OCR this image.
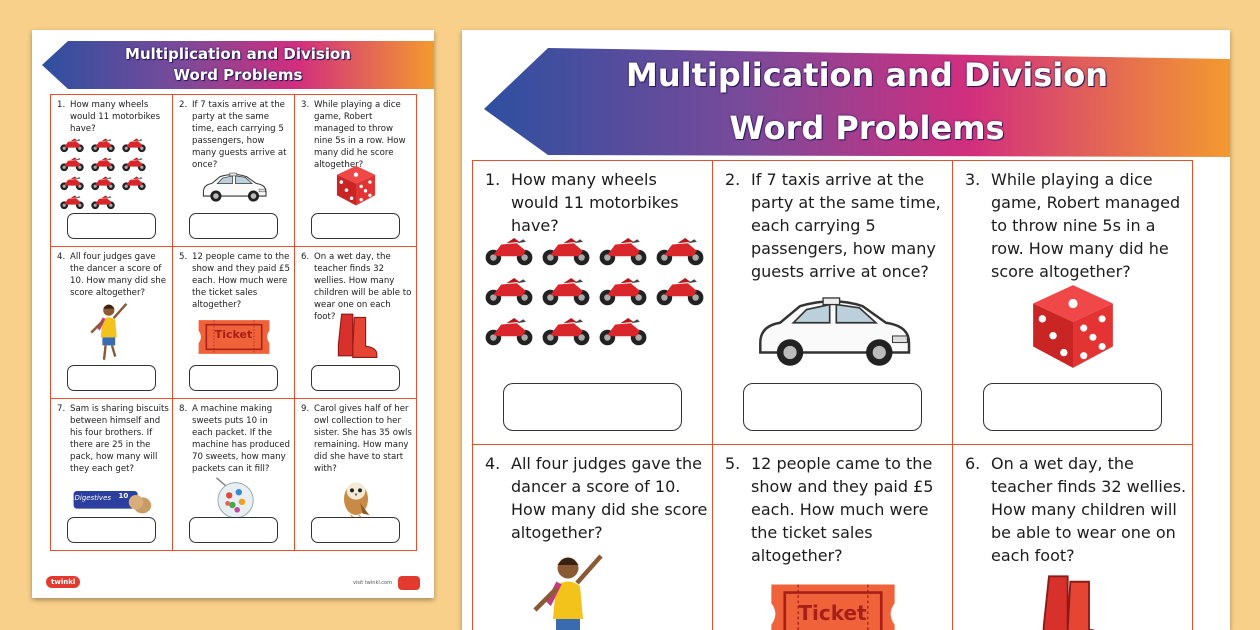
Multiplication and Division
Word Problems
1. How many wheels would 11 motorbikes have?
2. If 7 taxis arrive at the party at the same time, each carrying 5 passengers, how many guests arrive at once?
3. While playing a dice game, Robert managed to throw nine 5s in a row. How many did he score altogether?
4. All four judges gave the dancer a score of 10. How many did she score altogether?
5. 12 people came to the show and they paid £5 each. How much were the ticket sales altogether?
Ticket
6. On a wet day, the teacher finds 32 wellies. How many children will be able to wear one on each foot?
7. Sam is sharing biscuits between himself and his four brothers. If there are 25 in the pack, how many will they each get?
Digestives 10
8. A machine making sweets puts 10 in each packet. If the machine has produced 70 sweets, how many packets can it fill?
9. Carol gives half of her owl collection to her sister. She has 35 owls remaining. How many did she have to start with?
twinkl	visit twinkl.com
Multiplication and Division
Word Problems
1. How many wheels would 11 motorbikes have?
2. If 7 taxis arrive at the party at the same time, each carrying 5 passengers, how many guests arrive at once?
3. While playing a dice game, Robert managed to throw nine 5s in a row. How many did he score altogether?
4. All four judges gave the dancer a score of 10. How many did she score altogether?
5. 12 people came to the show and they paid £5 each. How much were the ticket sales altogether?
Ticket
6. On a wet day, the teacher finds 32 wellies. How many children will be able to wear one on each foot?
